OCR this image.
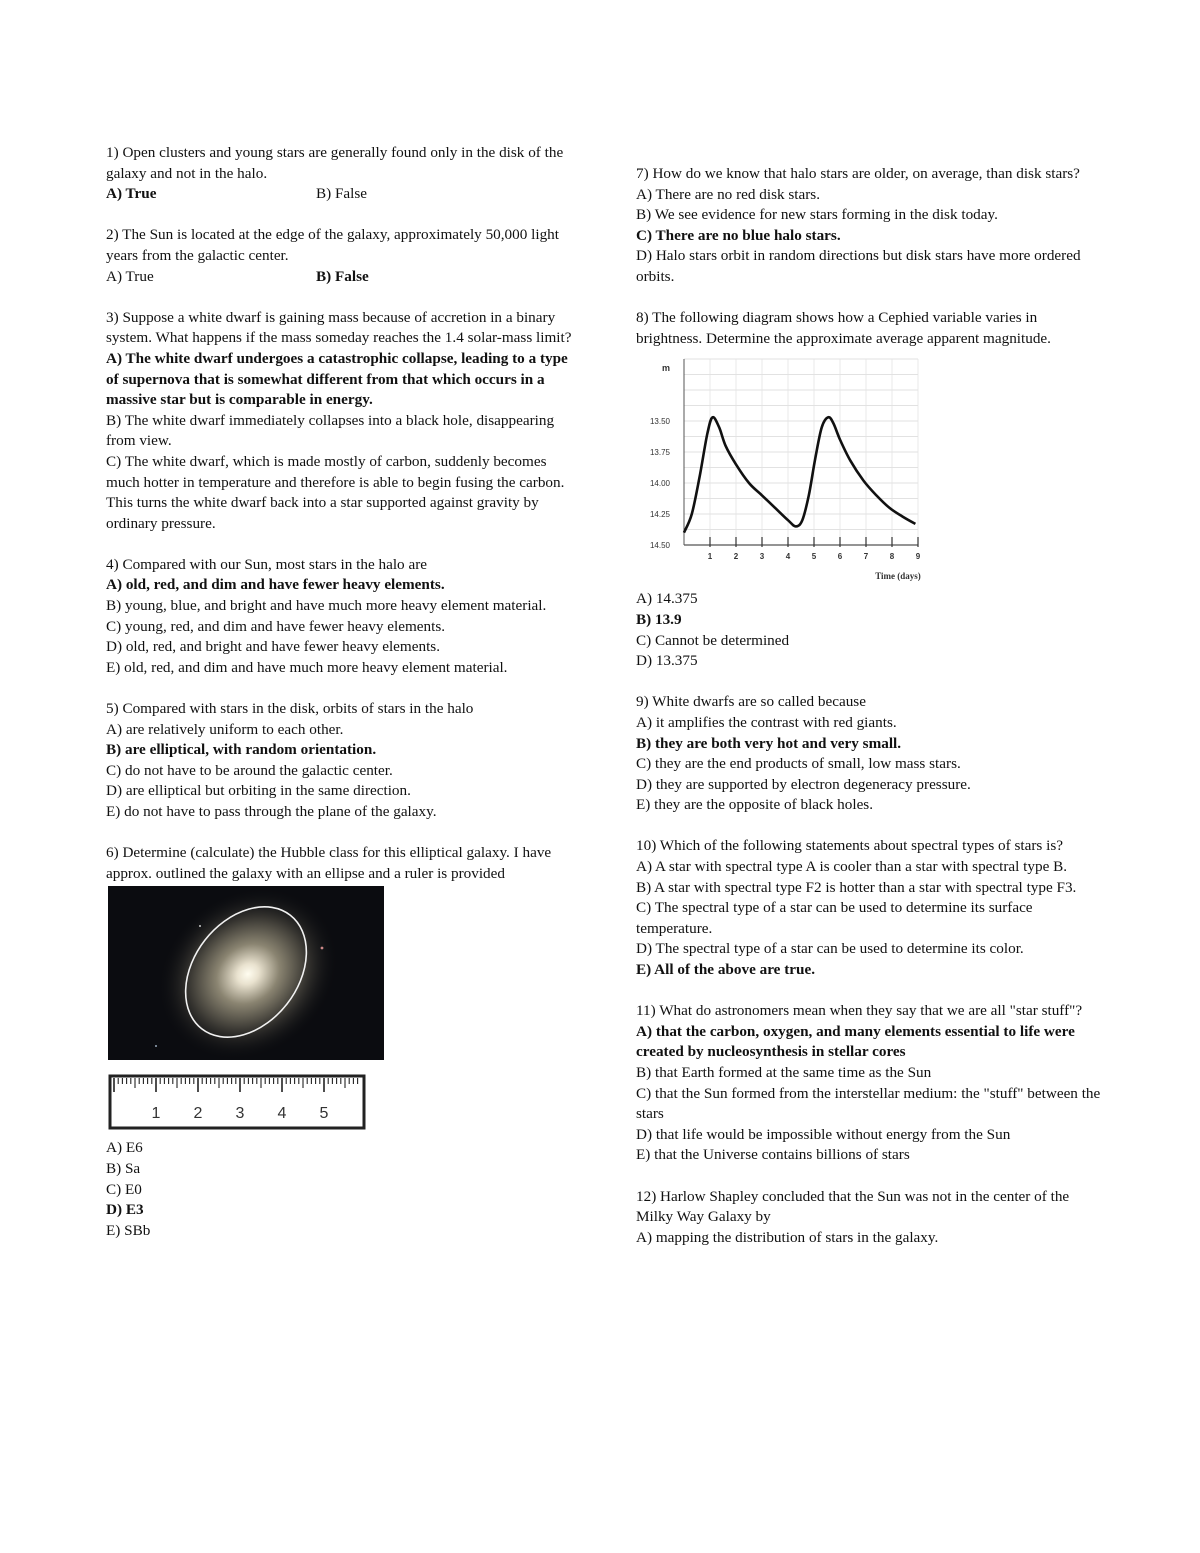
1) Open clusters and young stars are generally found only in the disk of the galaxy and not in the halo.
A) True	B) False
2) The Sun is located at the edge of the galaxy, approximately 50,000 light years from the galactic center.
A) True	B) False
3) Suppose a white dwarf is gaining mass because of accretion in a binary system. What happens if the mass someday reaches the 1.4 solar-mass limit?
A) The white dwarf undergoes a catastrophic collapse, leading to a type of supernova that is somewhat different from that which occurs in a massive star but is comparable in energy.
B) The white dwarf immediately collapses into a black hole, disappearing from view.
C) The white dwarf, which is made mostly of carbon, suddenly becomes much hotter in temperature and therefore is able to begin fusing the carbon. This turns the white dwarf back into a star supported against gravity by ordinary pressure.
4) Compared with our Sun, most stars in the halo are
A) old, red, and dim and have fewer heavy elements.
B) young, blue, and bright and have much more heavy element material.
C) young, red, and dim and have fewer heavy elements.
D) old, red, and bright and have fewer heavy elements.
E) old, red, and dim and have much more heavy element material.
5) Compared with stars in the disk, orbits of stars in the halo
A) are relatively uniform to each other.
B) are elliptical, with random orientation.
C) do not have to be around the galactic center.
D) are elliptical but orbiting in the same direction.
E) do not have to pass through the plane of the galaxy.
6) Determine (calculate) the Hubble class for this elliptical galaxy. I have approx. outlined the galaxy with an ellipse and a ruler is provided
1 2 3 4 5
A) E6
B) Sa
C) E0
D) E3
E) SBb
7) How do we know that halo stars are older, on average, than disk stars?
A) There are no red disk stars.
B) We see evidence for new stars forming in the disk today.
C) There are no blue halo stars.
D) Halo stars orbit in random directions but disk stars have more ordered orbits.
8) The following diagram shows how a Cephied variable varies in brightness. Determine the approximate average apparent magnitude.
13.50
13.75
14.00
14.25
14.50
1	2	3	4	5	6	7	8	9
m
Time (days)
A) 14.375
B) 13.9
C) Cannot be determined
D) 13.375
9) White dwarfs are so called because
A) it amplifies the contrast with red giants.
B) they are both very hot and very small.
C) they are the end products of small, low mass stars.
D) they are supported by electron degeneracy pressure.
E) they are the opposite of black holes.
10) Which of the following statements about spectral types of stars is?
A) A star with spectral type A is cooler than a star with spectral type B.
B) A star with spectral type F2 is hotter than a star with spectral type F3.
C) The spectral type of a star can be used to determine its surface temperature.
D) The spectral type of a star can be used to determine its color.
E) All of the above are true.
11) What do astronomers mean when they say that we are all "star stuff"?
A) that the carbon, oxygen, and many elements essential to life were created by nucleosynthesis in stellar cores
B) that Earth formed at the same time as the Sun
C) that the Sun formed from the interstellar medium: the "stuff" between the stars
D) that life would be impossible without energy from the Sun
E) that the Universe contains billions of stars
12) Harlow Shapley concluded that the Sun was not in the center of the Milky Way Galaxy by
A) mapping the distribution of stars in the galaxy.
